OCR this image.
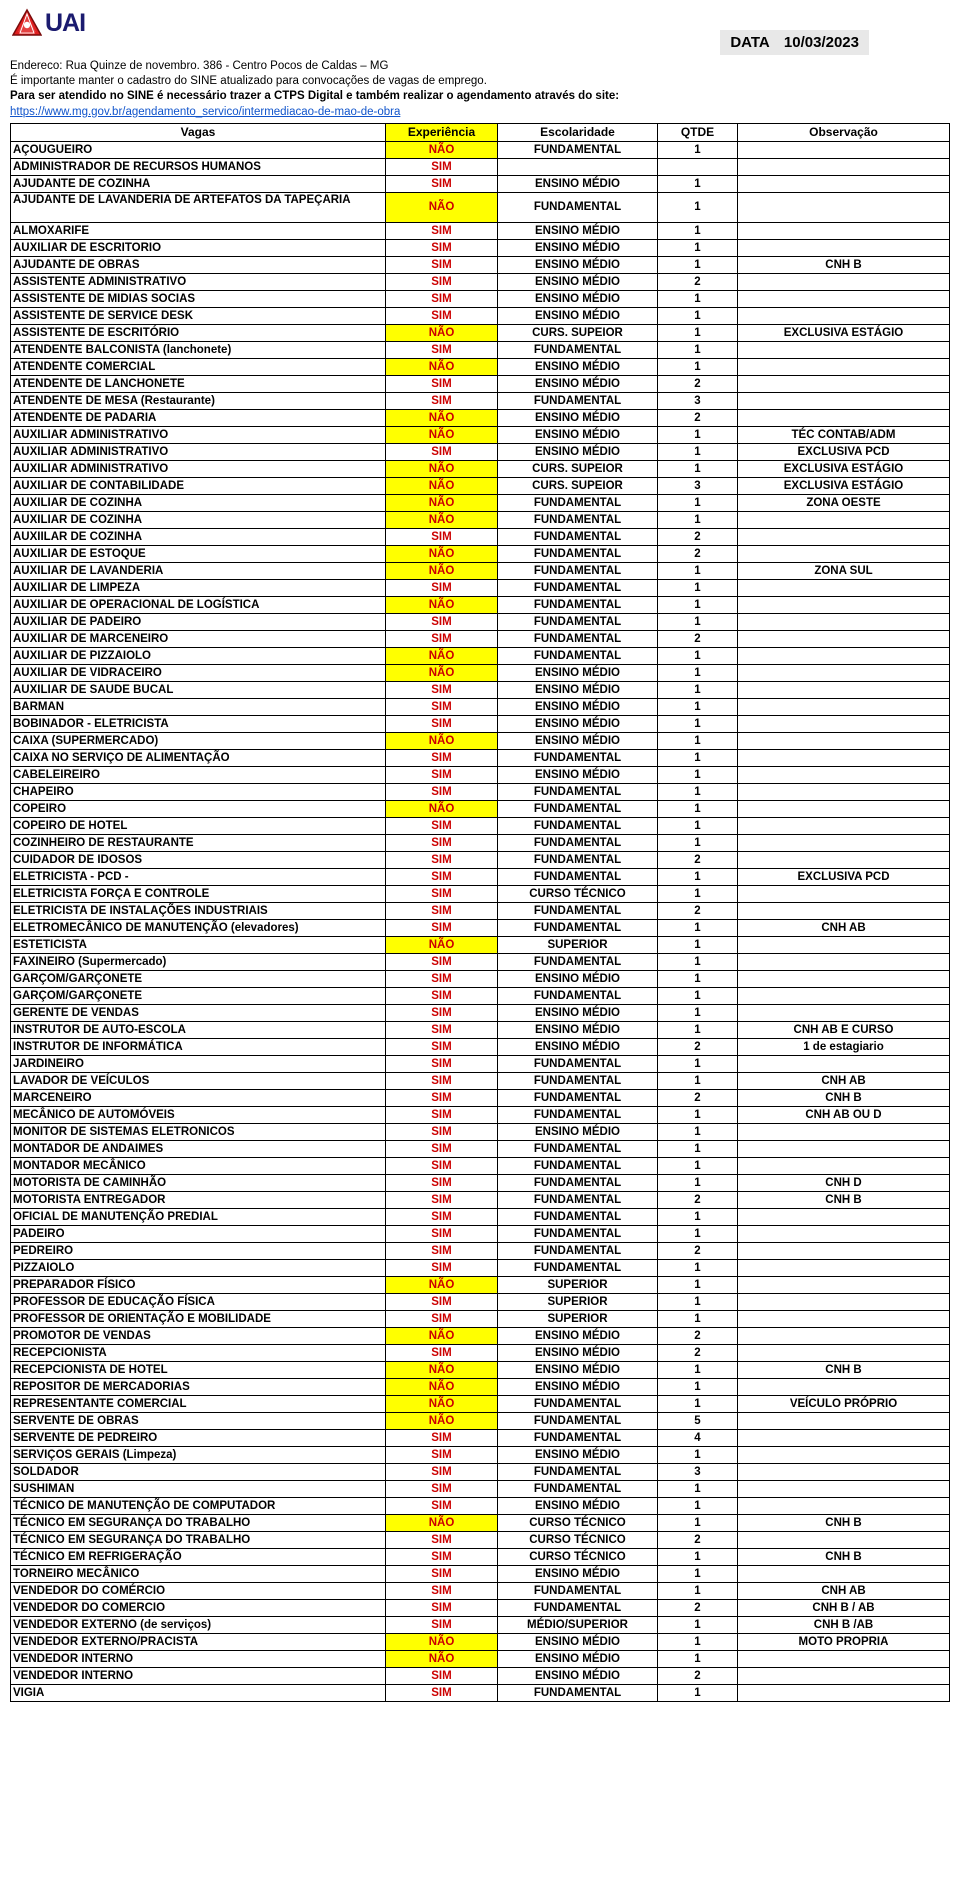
UAI
DATA 10/03/2023
Endereco: Rua Quinze de novembro. 386 - Centro Pocos de Caldas – MG
É importante manter o cadastro do SINE atualizado para convocações de vagas de emprego.
Para ser atendido no SINE é necessário trazer a CTPS Digital e também realizar o agendamento através do site:
https://www.mg.gov.br/agendamento_servico/intermediacao-de-mao-de-obra
Vagas	Experiência	Escolaridade	QTDE	Observação
AÇOUGUEIRO	NÃO	FUNDAMENTAL	1	
ADMINISTRADOR DE RECURSOS HUMANOS	SIM			
AJUDANTE DE COZINHA	SIM	ENSINO MÉDIO	1	
AJUDANTE DE LAVANDERIA DE ARTEFATOS DA TAPEÇARIA	NÃO	FUNDAMENTAL	1	
ALMOXARIFE	SIM	ENSINO MÉDIO	1	
AUXILIAR DE ESCRITORIO	SIM	ENSINO MÉDIO	1	
AJUDANTE DE OBRAS	SIM	ENSINO MÉDIO	1	CNH B
ASSISTENTE ADMINISTRATIVO	SIM	ENSINO MÉDIO	2	
ASSISTENTE DE MIDIAS SOCIAS	SIM	ENSINO MÉDIO	1	
ASSISTENTE DE SERVICE DESK	SIM	ENSINO MÉDIO	1	
ASSISTENTE DE ESCRITÓRIO	NÃO	CURS. SUPEIOR	1	EXCLUSIVA ESTÁGIO
ATENDENTE BALCONISTA (lanchonete)	SIM	FUNDAMENTAL	1	
ATENDENTE COMERCIAL	NÃO	ENSINO MÉDIO	1	
ATENDENTE DE LANCHONETE	SIM	ENSINO MÉDIO	2	
ATENDENTE DE MESA (Restaurante)	SIM	FUNDAMENTAL	3	
ATENDENTE DE PADARIA	NÃO	ENSINO MÉDIO	2	
AUXILIAR ADMINISTRATIVO	NÃO	ENSINO MÉDIO	1	TÉC CONTAB/ADM
AUXILIAR ADMINISTRATIVO	SIM	ENSINO MÉDIO	1	EXCLUSIVA PCD
AUXILIAR ADMINISTRATIVO	NÃO	CURS. SUPEIOR	1	EXCLUSIVA ESTÁGIO
AUXILIAR DE CONTABILIDADE	NÃO	CURS. SUPEIOR	3	EXCLUSIVA ESTÁGIO
AUXILIAR DE COZINHA	NÃO	FUNDAMENTAL	1	ZONA OESTE
AUXILIAR DE COZINHA	NÃO	FUNDAMENTAL	1	
AUXIILAR DE COZINHA	SIM	FUNDAMENTAL	2	
AUXILIAR DE ESTOQUE	NÃO	FUNDAMENTAL	2	
AUXILIAR DE LAVANDERIA	NÃO	FUNDAMENTAL	1	ZONA SUL
AUXILIAR DE LIMPEZA	SIM	FUNDAMENTAL	1	
AUXILIAR DE OPERACIONAL DE LOGÍSTICA	NÃO	FUNDAMENTAL	1	
AUXILIAR DE PADEIRO	SIM	FUNDAMENTAL	1	
AUXILIAR DE MARCENEIRO	SIM	FUNDAMENTAL	2	
AUXILIAR DE PIZZAIOLO	NÃO	FUNDAMENTAL	1	
AUXILIAR DE VIDRACEIRO	NÃO	ENSINO MÉDIO	1	
AUXILIAR DE SAUDE BUCAL	SIM	ENSINO MÉDIO	1	
BARMAN	SIM	ENSINO MÉDIO	1	
BOBINADOR - ELETRICISTA	SIM	ENSINO MÉDIO	1	
CAIXA (SUPERMERCADO)	NÃO	ENSINO MÉDIO	1	
CAIXA NO SERVIÇO DE ALIMENTAÇÃO	SIM	FUNDAMENTAL	1	
CABELEIREIRO	SIM	ENSINO MÉDIO	1	
CHAPEIRO	SIM	FUNDAMENTAL	1	
COPEIRO	NÃO	FUNDAMENTAL	1	
COPEIRO DE HOTEL	SIM	FUNDAMENTAL	1	
COZINHEIRO DE RESTAURANTE	SIM	FUNDAMENTAL	1	
CUIDADOR DE IDOSOS	SIM	FUNDAMENTAL	2	
ELETRICISTA - PCD -	SIM	FUNDAMENTAL	1	EXCLUSIVA PCD
ELETRICISTA FORÇA E CONTROLE	SIM	CURSO TÉCNICO	1	
ELETRICISTA DE INSTALAÇÕES INDUSTRIAIS	SIM	FUNDAMENTAL	2	
ELETROMECÂNICO DE MANUTENÇÃO (elevadores)	SIM	FUNDAMENTAL	1	CNH AB
ESTETICISTA	NÃO	SUPERIOR	1	
FAXINEIRO (Supermercado)	SIM	FUNDAMENTAL	1	
GARÇOM/GARÇONETE	SIM	ENSINO MÉDIO	1	
GARÇOM/GARÇONETE	SIM	FUNDAMENTAL	1	
GERENTE DE VENDAS	SIM	ENSINO MÉDIO	1	
INSTRUTOR DE AUTO-ESCOLA	SIM	ENSINO MÉDIO	1	CNH AB E CURSO
INSTRUTOR DE INFORMÁTICA	SIM	ENSINO MÉDIO	2	1 de estagiario
JARDINEIRO	SIM	FUNDAMENTAL	1	
LAVADOR DE VEÍCULOS	SIM	FUNDAMENTAL	1	CNH AB
MARCENEIRO	SIM	FUNDAMENTAL	2	CNH B
MECÂNICO DE AUTOMÓVEIS	SIM	FUNDAMENTAL	1	CNH AB OU D
MONITOR DE SISTEMAS ELETRONICOS	SIM	ENSINO MÉDIO	1	
MONTADOR DE ANDAIMES	SIM	FUNDAMENTAL	1	
MONTADOR MECÂNICO	SIM	FUNDAMENTAL	1	
MOTORISTA DE CAMINHÃO	SIM	FUNDAMENTAL	1	CNH D
MOTORISTA ENTREGADOR	SIM	FUNDAMENTAL	2	CNH B
OFICIAL DE MANUTENÇÃO PREDIAL	SIM	FUNDAMENTAL	1	
PADEIRO	SIM	FUNDAMENTAL	1	
PEDREIRO	SIM	FUNDAMENTAL	2	
PIZZAIOLO	SIM	FUNDAMENTAL	1	
PREPARADOR FÍSICO	NÃO	SUPERIOR	1	
PROFESSOR DE EDUCAÇÃO FÍSICA	SIM	SUPERIOR	1	
PROFESSOR DE ORIENTAÇÃO E MOBILIDADE	SIM	SUPERIOR	1	
PROMOTOR DE VENDAS	NÃO	ENSINO MÉDIO	2	
RECEPCIONISTA	SIM	ENSINO MÉDIO	2	
RECEPCIONISTA DE HOTEL	NÃO	ENSINO MÉDIO	1	CNH B
REPOSITOR DE MERCADORIAS	NÃO	ENSINO MÉDIO	1	
REPRESENTANTE COMERCIAL	NÃO	FUNDAMENTAL	1	VEÍCULO PRÓPRIO
SERVENTE DE OBRAS	NÃO	FUNDAMENTAL	5	
SERVENTE DE PEDREIRO	SIM	FUNDAMENTAL	4	
SERVIÇOS GERAIS (Limpeza)	SIM	ENSINO MÉDIO	1	
SOLDADOR	SIM	FUNDAMENTAL	3	
SUSHIMAN	SIM	FUNDAMENTAL	1	
TÉCNICO DE MANUTENÇÃO DE COMPUTADOR	SIM	ENSINO MÉDIO	1	
TÉCNICO EM SEGURANÇA DO TRABALHO	NÃO	CURSO TÉCNICO	1	CNH B
TÉCNICO EM SEGURANÇA DO TRABALHO	SIM	CURSO TÉCNICO	2	
TÉCNICO EM REFRIGERAÇÃO	SIM	CURSO TÉCNICO	1	CNH B
TORNEIRO MECÂNICO	SIM	ENSINO MÉDIO	1	
VENDEDOR DO COMÉRCIO	SIM	FUNDAMENTAL	1	CNH AB
VENDEDOR DO COMERCIO	SIM	FUNDAMENTAL	2	CNH B / AB
VENDEDOR EXTERNO (de serviços)	SIM	MÉDIO/SUPERIOR	1	CNH B /AB
VENDEDOR EXTERNO/PRACISTA	NÃO	ENSINO MÉDIO	1	MOTO PROPRIA
VENDEDOR INTERNO	NÃO	ENSINO MÉDIO	1	
VENDEDOR INTERNO	SIM	ENSINO MÉDIO	2	
VIGIA	SIM	FUNDAMENTAL	1	
